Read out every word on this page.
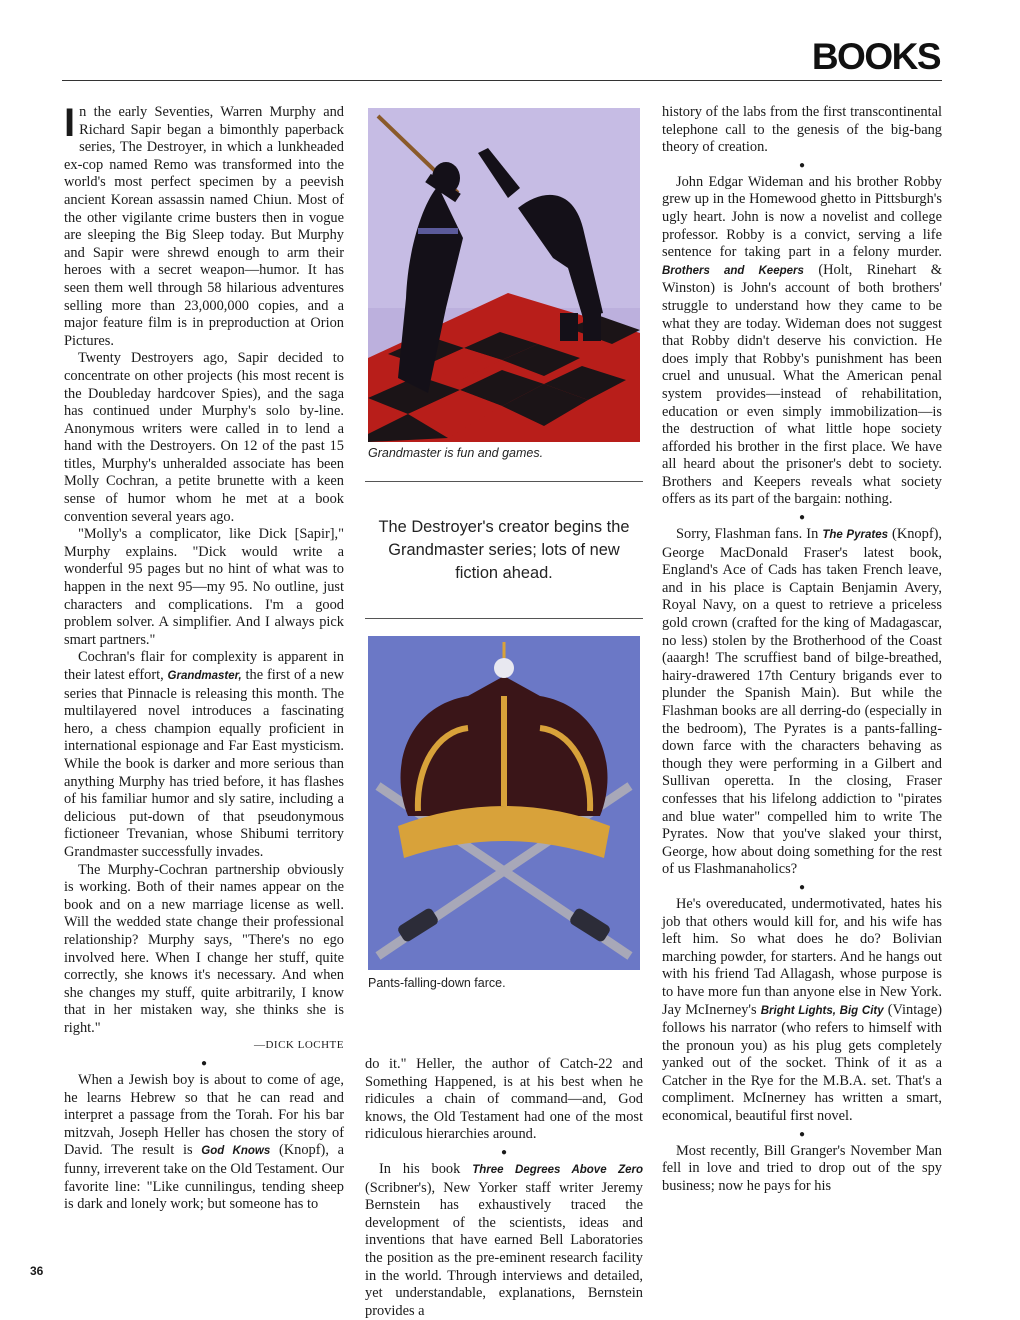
BOOKS

In the early Seventies, Warren Murphy and Richard Sapir began a bimonthly paperback series, The Destroyer, in which a lunkheaded ex-cop named Remo was transformed into the world's most perfect specimen by a peevish ancient Korean assassin named Chiun. Most of the other vigilante crime busters then in vogue are sleeping the Big Sleep today. But Murphy and Sapir were shrewd enough to arm their heroes with a secret weapon—humor. It has seen them well through 58 hilarious adventures selling more than 23,000,000 copies, and a major feature film is in preproduction at Orion Pictures.

Twenty Destroyers ago, Sapir decided to concentrate on other projects (his most recent is the Doubleday hardcover Spies), and the saga has continued under Murphy's solo by-line. Anonymous writers were called in to lend a hand with the Destroyers. On 12 of the past 15 titles, Murphy's unheralded associate has been Molly Cochran, a petite brunette with a keen sense of humor whom he met at a book convention several years ago.

"Molly's a complicator, like Dick [Sapir]," Murphy explains. "Dick would write a wonderful 95 pages but no hint of what was to happen in the next 95—my 95. No outline, just characters and complications. I'm a good problem solver. A simplifier. And I always pick smart partners."

Cochran's flair for complexity is apparent in their latest effort, Grandmaster, the first of a new series that Pinnacle is releasing this month. The multilayered novel introduces a fascinating hero, a chess champion equally proficient in international espionage and Far East mysticism. While the book is darker and more serious than anything Murphy has tried before, it has flashes of his familiar humor and sly satire, including a delicious put-down of that pseudonymous fictioneer Trevanian, whose Shibumi territory Grandmaster successfully invades.

The Murphy-Cochran partnership obviously is working. Both of their names appear on the book and on a new marriage license as well. Will the wedded state change their professional relationship? Murphy says, "There's no ego involved here. When I change her stuff, quite correctly, she knows it's necessary. And when she changes my stuff, quite arbitrarily, I know that in her mistaken way, she thinks she is right."

—DICK LOCHTE

●

When a Jewish boy is about to come of age, he learns Hebrew so that he can read and interpret a passage from the Torah. For his bar mitzvah, Joseph Heller has chosen the story of David. The result is God Knows (Knopf), a funny, irreverent take on the Old Testament. Our favorite line: "Like cunnilingus, tending sheep is dark and lonely work; but someone has to

Grandmaster is fun and games.
The Destroyer's creator begins the Grandmaster series; lots of new fiction ahead.
Pants-falling-down farce.

do it." Heller, the author of Catch-22 and Something Happened, is at his best when he ridicules a chain of command—and, God knows, the Old Testament had one of the most ridiculous hierarchies around.

●

In his book Three Degrees Above Zero (Scribner's), New Yorker staff writer Jeremy Bernstein has exhaustively traced the development of the scientists, ideas and inventions that have earned Bell Laboratories the position as the pre-eminent research facility in the world. Through interviews and detailed, yet understandable, explanations, Bernstein provides a

history of the labs from the first transcontinental telephone call to the genesis of the big-bang theory of creation.

●

John Edgar Wideman and his brother Robby grew up in the Homewood ghetto in Pittsburgh's ugly heart. John is now a novelist and college professor. Robby is a convict, serving a life sentence for taking part in a felony murder. Brothers and Keepers (Holt, Rinehart & Winston) is John's account of both brothers' struggle to understand how they came to be what they are today. Wideman does not suggest that Robby didn't deserve his conviction. He does imply that Robby's punishment has been cruel and unusual. What the American penal system provides—instead of rehabilitation, education or even simply immobilization—is the destruction of what little hope society afforded his brother in the first place. We have all heard about the prisoner's debt to society. Brothers and Keepers reveals what society offers as its part of the bargain: nothing.

●

Sorry, Flashman fans. In The Pyrates (Knopf), George MacDonald Fraser's latest book, England's Ace of Cads has taken French leave, and in his place is Captain Benjamin Avery, Royal Navy, on a quest to retrieve a priceless gold crown (crafted for the king of Madagascar, no less) stolen by the Brotherhood of the Coast (aaargh! The scruffiest band of bilge-breathed, hairy-drawered 17th Century brigands ever to plunder the Spanish Main). But while the Flashman books are all derring-do (especially in the bedroom), The Pyrates is a pants-falling-down farce with the characters behaving as though they were performing in a Gilbert and Sullivan operetta. In the closing, Fraser confesses that his lifelong addiction to "pirates and blue water" compelled him to write The Pyrates. Now that you've slaked your thirst, George, how about doing something for the rest of us Flashmanaholics?

●

He's overeducated, undermotivated, hates his job that others would kill for, and his wife has left him. So what does he do? Bolivian marching powder, for starters. And he hangs out with his friend Tad Allagash, whose purpose is to have more fun than anyone else in New York. Jay McInerney's Bright Lights, Big City (Vintage) follows his narrator (who refers to himself with the pronoun you) as his plug gets completely yanked out of the socket. Think of it as a Catcher in the Rye for the M.B.A. set. That's a compliment. McInerney has written a smart, economical, beautiful first novel.

●

Most recently, Bill Granger's November Man fell in love and tried to drop out of the spy business; now he pays for his

36
